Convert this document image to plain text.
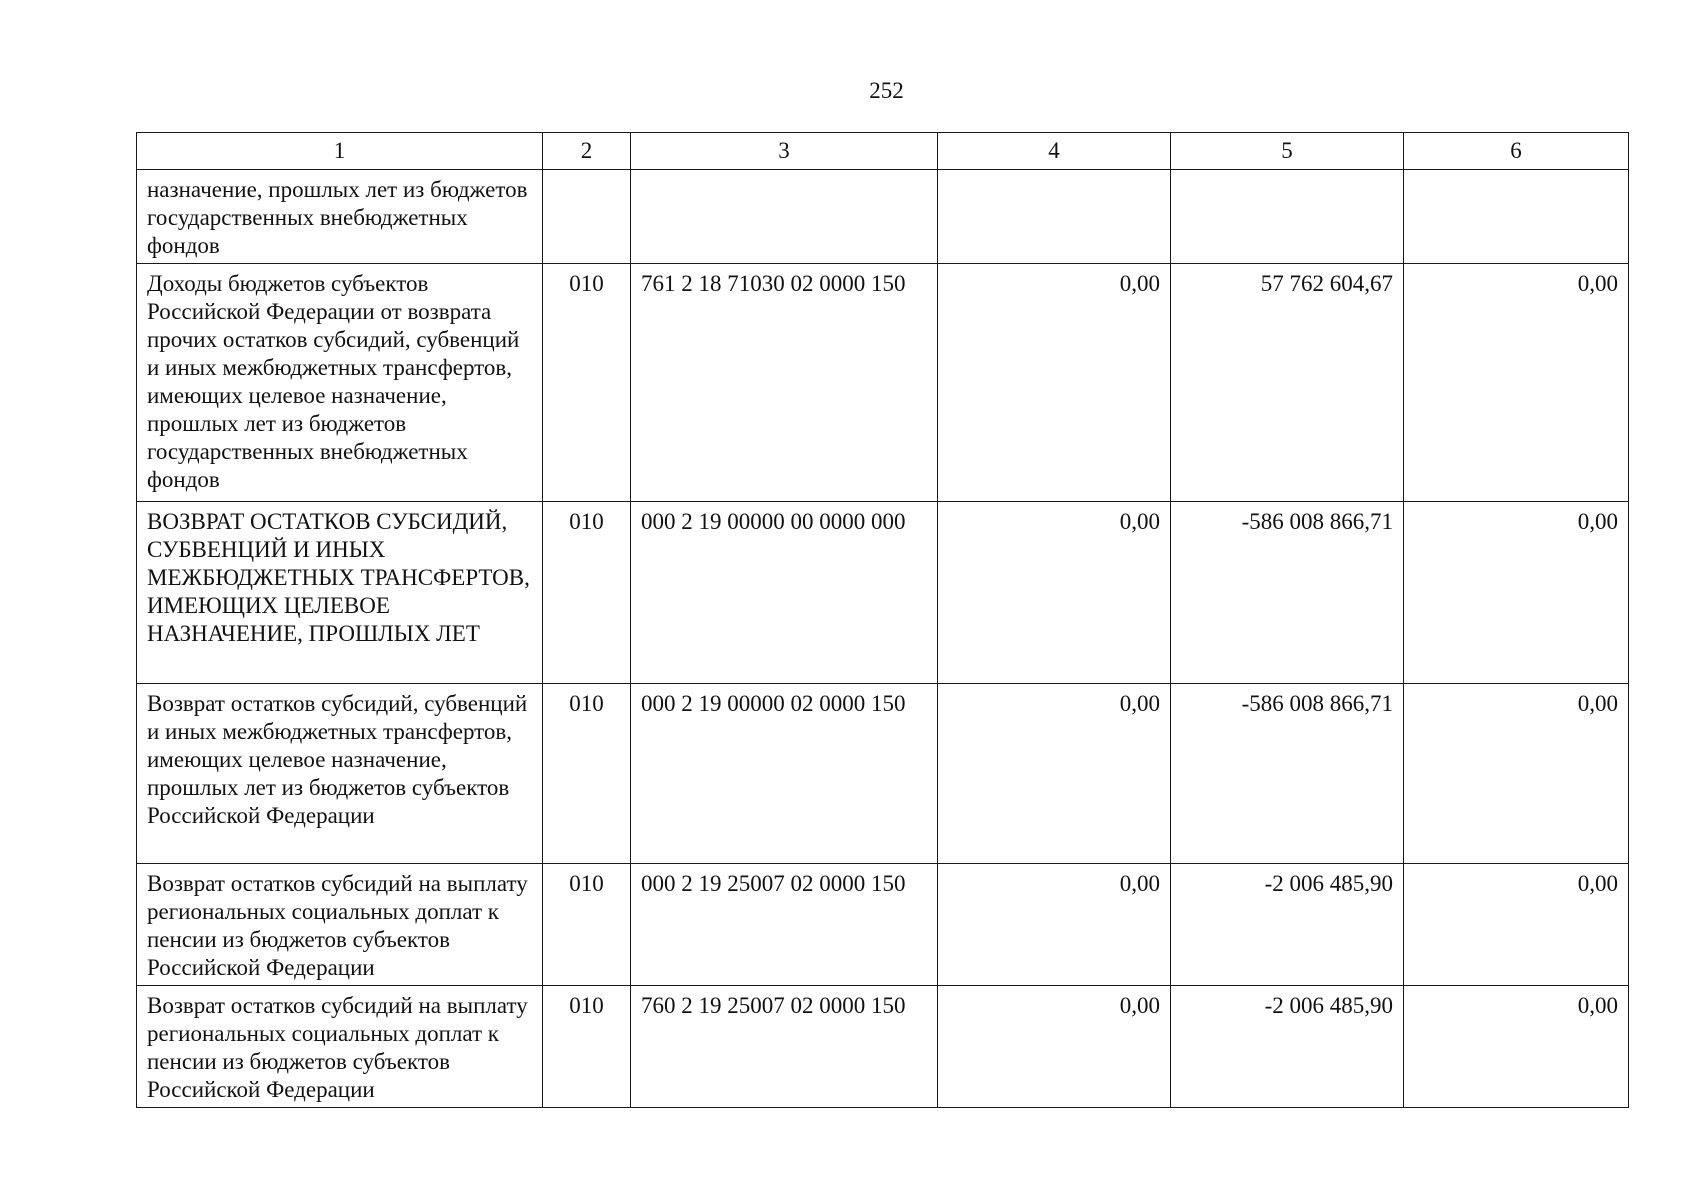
252
1	2	3	4	5	6
назначение, прошлых лет из бюджетов государственных внебюджетных фондов					
Доходы бюджетов субъектов Российской Федерации от возврата прочих остатков субсидий, субвенций и иных межбюджетных трансфертов, имеющих целевое назначение, прошлых лет из бюджетов государственных внебюджетных фондов	010	761 2 18 71030 02 0000 150	0,00	57 762 604,67	0,00
ВОЗВРАТ ОСТАТКОВ СУБСИДИЙ, СУБВЕНЦИЙ И ИНЫХ МЕЖБЮДЖЕТНЫХ ТРАНСФЕРТОВ, ИМЕЮЩИХ ЦЕЛЕВОЕ НАЗНАЧЕНИЕ, ПРОШЛЫХ ЛЕТ	010	000 2 19 00000 00 0000 000	0,00	-586 008 866,71	0,00
Возврат остатков субсидий, субвенций и иных межбюджетных трансфертов, имеющих целевое назначение, прошлых лет из бюджетов субъектов Российской Федерации	010	000 2 19 00000 02 0000 150	0,00	-586 008 866,71	0,00
Возврат остатков субсидий на выплату региональных социальных доплат к пенсии из бюджетов субъектов Российской Федерации	010	000 2 19 25007 02 0000 150	0,00	-2 006 485,90	0,00
Возврат остатков субсидий на выплату региональных социальных доплат к пенсии из бюджетов субъектов Российской Федерации	010	760 2 19 25007 02 0000 150	0,00	-2 006 485,90	0,00
